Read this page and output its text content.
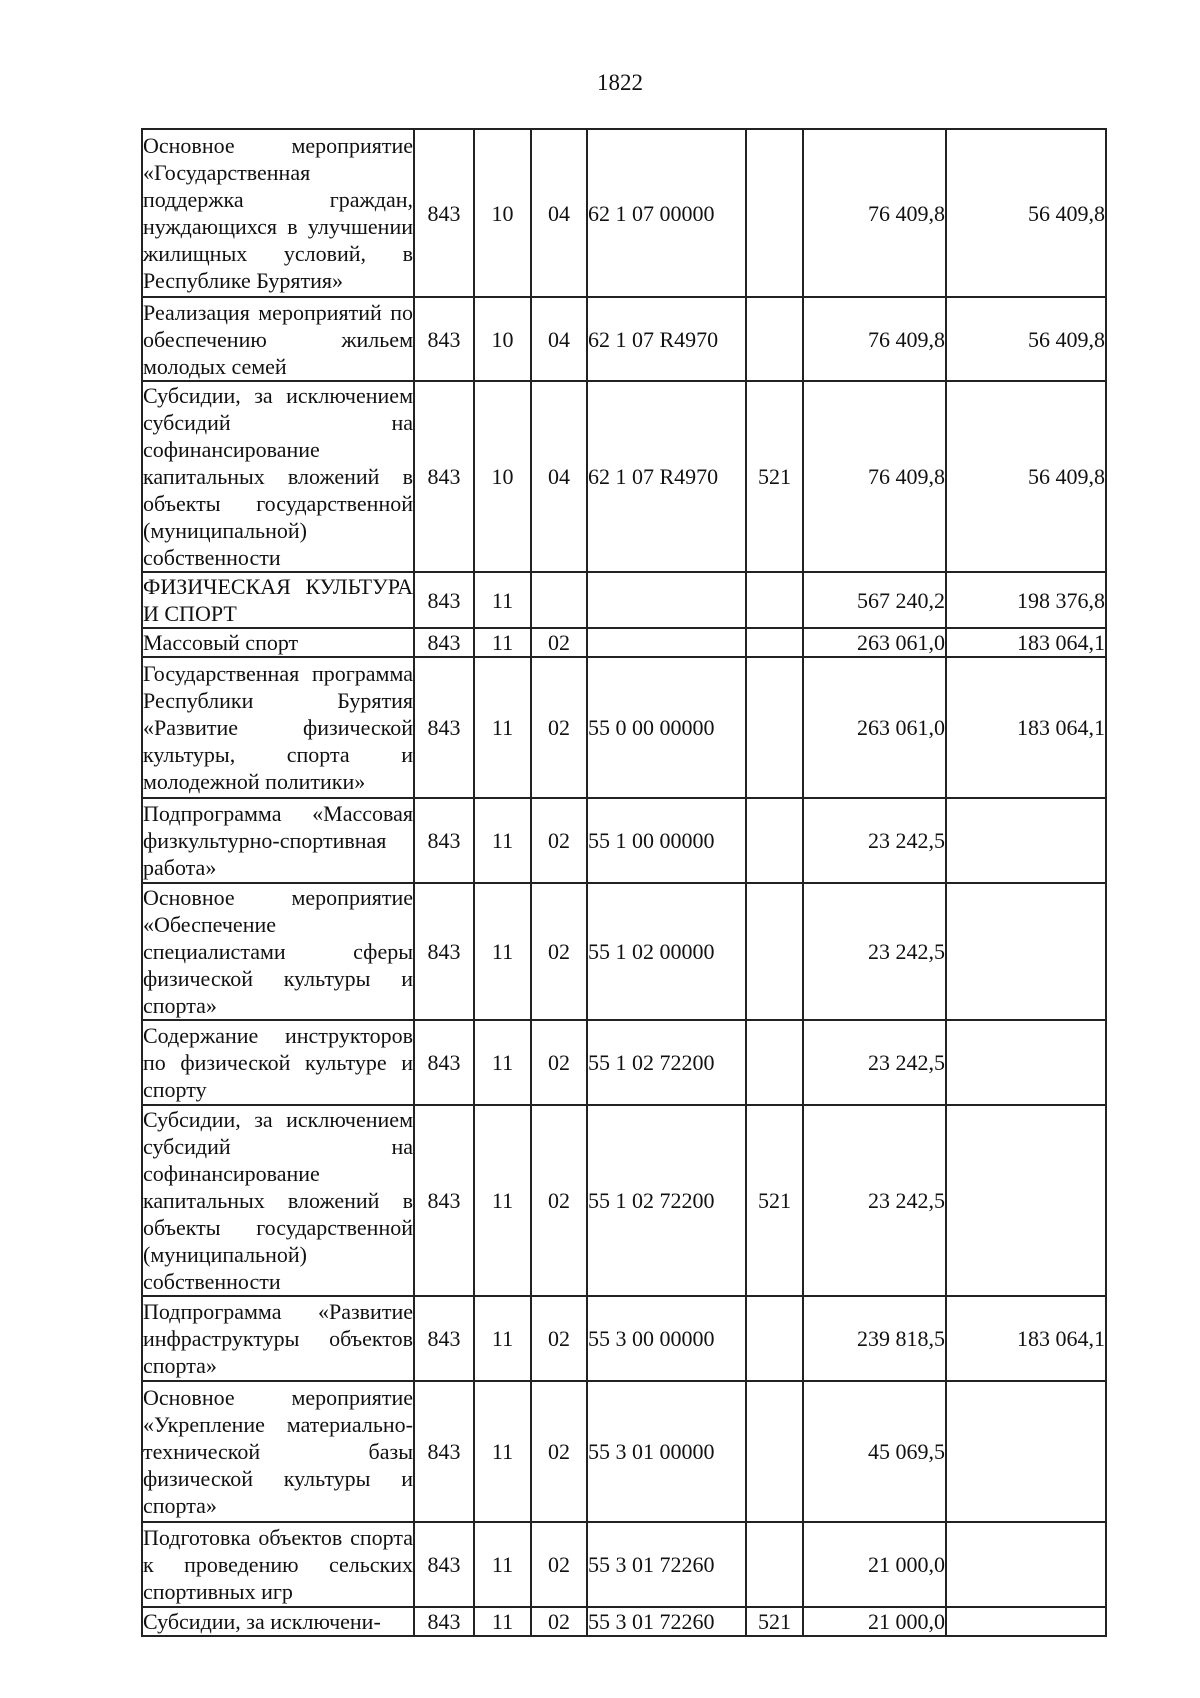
1822
Основное мероприятие «Государственная поддержка граждан, нуждающихся в улучшении жилищных условий, в Республике Бурятия»	843	10	04	62 1 07 00000		76 409,8	56 409,8
Реализация мероприятий по обеспечению жильем молодых семей	843	10	04	62 1 07 R4970		76 409,8	56 409,8
Субсидии, за исключением субсидий на софинансирование капитальных вложений в объекты государственной (муниципальной) собственности	843	10	04	62 1 07 R4970	521	76 409,8	56 409,8
ФИЗИЧЕСКАЯ КУЛЬТУРА И СПОРТ	843	11				567 240,2	198 376,8
Массовый спорт	843	11	02			263 061,0	183 064,1
Государственная программа Республики Бурятия «Развитие физической культуры, спорта и молодежной политики»	843	11	02	55 0 00 00000		263 061,0	183 064,1
Подпрограмма «Массовая физкультурно-спортивная работа»	843	11	02	55 1 00 00000		23 242,5	
Основное мероприятие «Обеспечение специалистами сферы физической культуры и спорта»	843	11	02	55 1 02 00000		23 242,5	
Содержание инструкторов по физической культуре и спорту	843	11	02	55 1 02 72200		23 242,5	
Субсидии, за исключением субсидий на софинансирование капитальных вложений в объекты государственной (муниципальной) собственности	843	11	02	55 1 02 72200	521	23 242,5	
Подпрограмма «Развитие инфраструктуры объектов спорта»	843	11	02	55 3 00 00000		239 818,5	183 064,1
Основное мероприятие «Укрепление материально-технической базы физической культуры и спорта»	843	11	02	55 3 01 00000		45 069,5	
Подготовка объектов спорта к проведению сельских спортивных игр	843	11	02	55 3 01 72260		21 000,0	
Субсидии, за исключени-	843	11	02	55 3 01 72260	521	21 000,0	
